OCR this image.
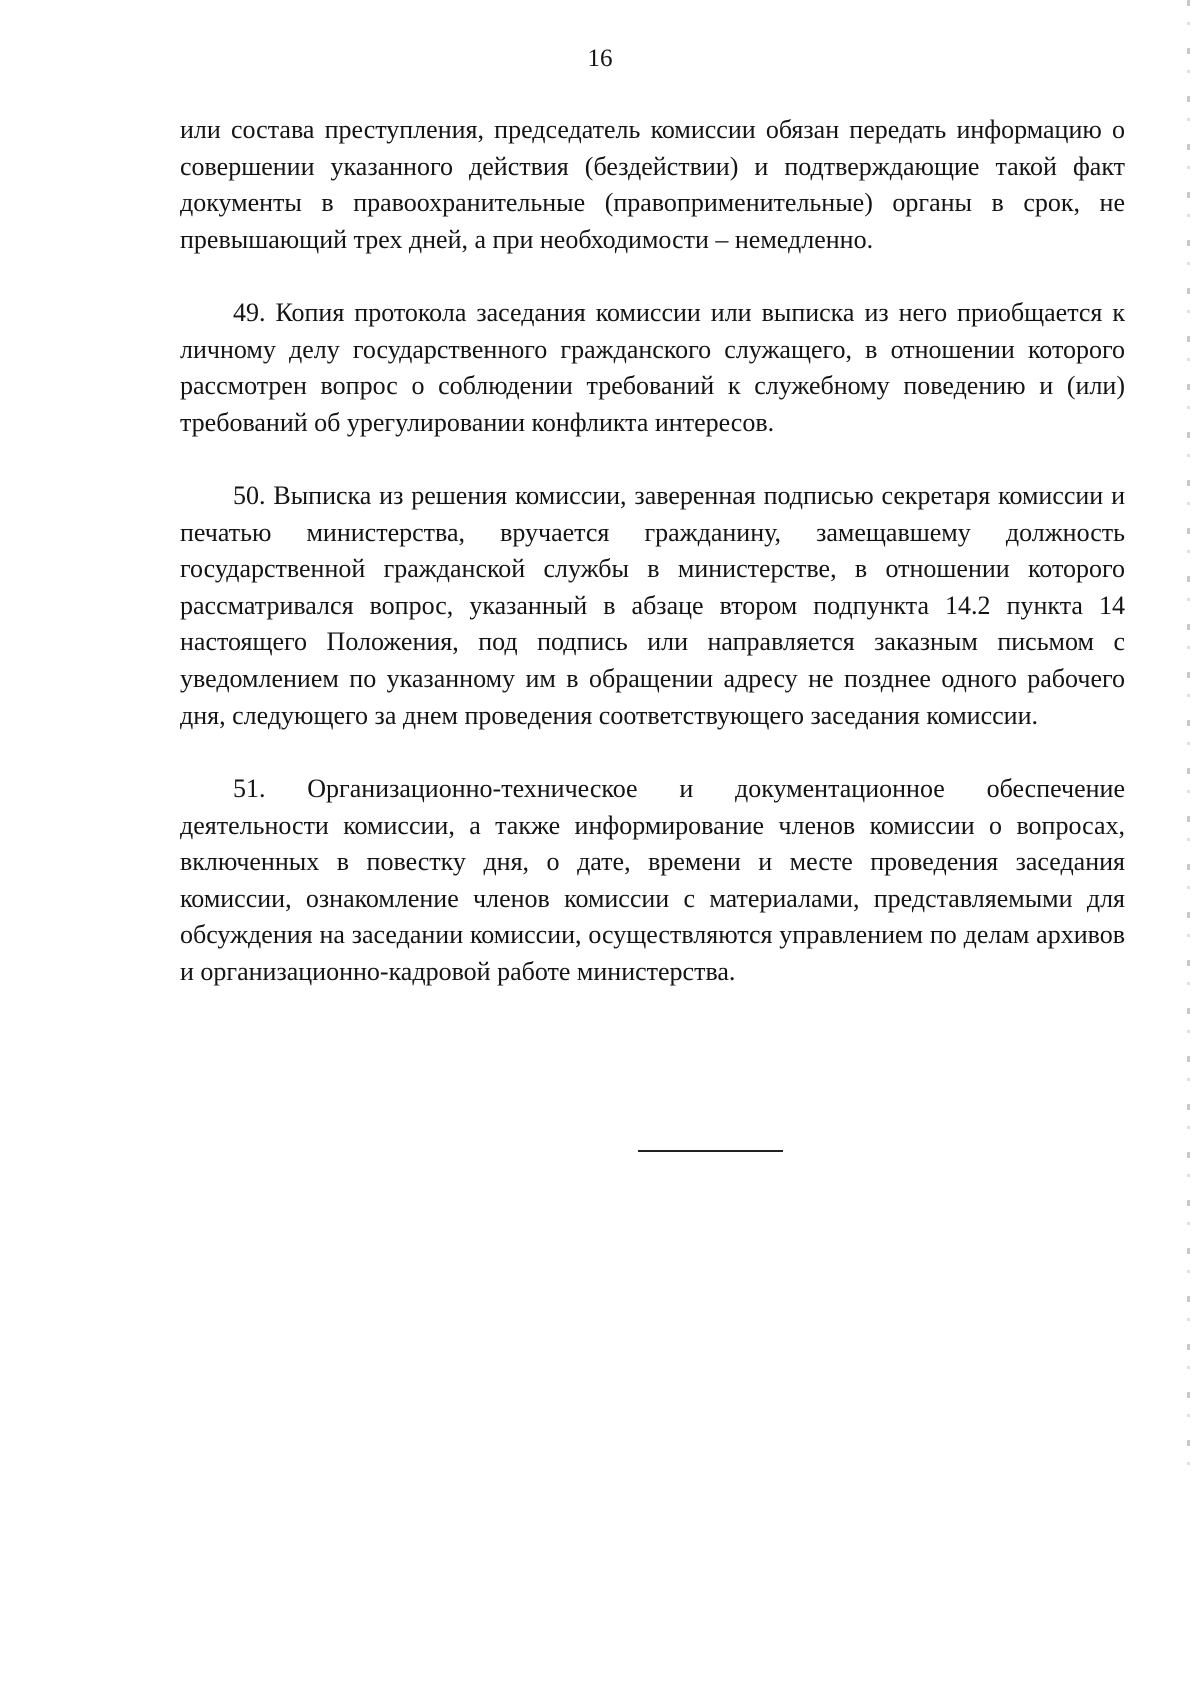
16

или состава преступления, председатель комиссии обязан передать информацию о совершении указанного действия (бездействии) и подтверждающие такой факт документы в правоохранительные (правоприменительные) органы в срок, не превышающий трех дней, а при необходимости – немедленно.

49. Копия протокола заседания комиссии или выписка из него приобщается к личному делу государственного гражданского служащего, в отношении которого рассмотрен вопрос о соблюдении требований к служебному поведению и (или) требований об урегулировании конфликта интересов.

50. Выписка из решения комиссии, заверенная подписью секретаря комиссии и печатью министерства, вручается гражданину, замещавшему должность государственной гражданской службы в министерстве, в отношении которого рассматривался вопрос, указанный в абзаце втором подпункта 14.2 пункта 14 настоящего Положения, под подпись или направляется заказным письмом с уведомлением по указанному им в обращении адресу не позднее одного рабочего дня, следующего за днем проведения соответствующего заседания комиссии.

51. Организационно-техническое и документационное обеспечение деятельности комиссии, а также информирование членов комиссии о вопросах, включенных в повестку дня, о дате, времени и месте проведения заседания комиссии, ознакомление членов комиссии с материалами, представляемыми для обсуждения на заседании комиссии, осуществляются управлением по делам архивов и организационно-кадровой работе министерства.
